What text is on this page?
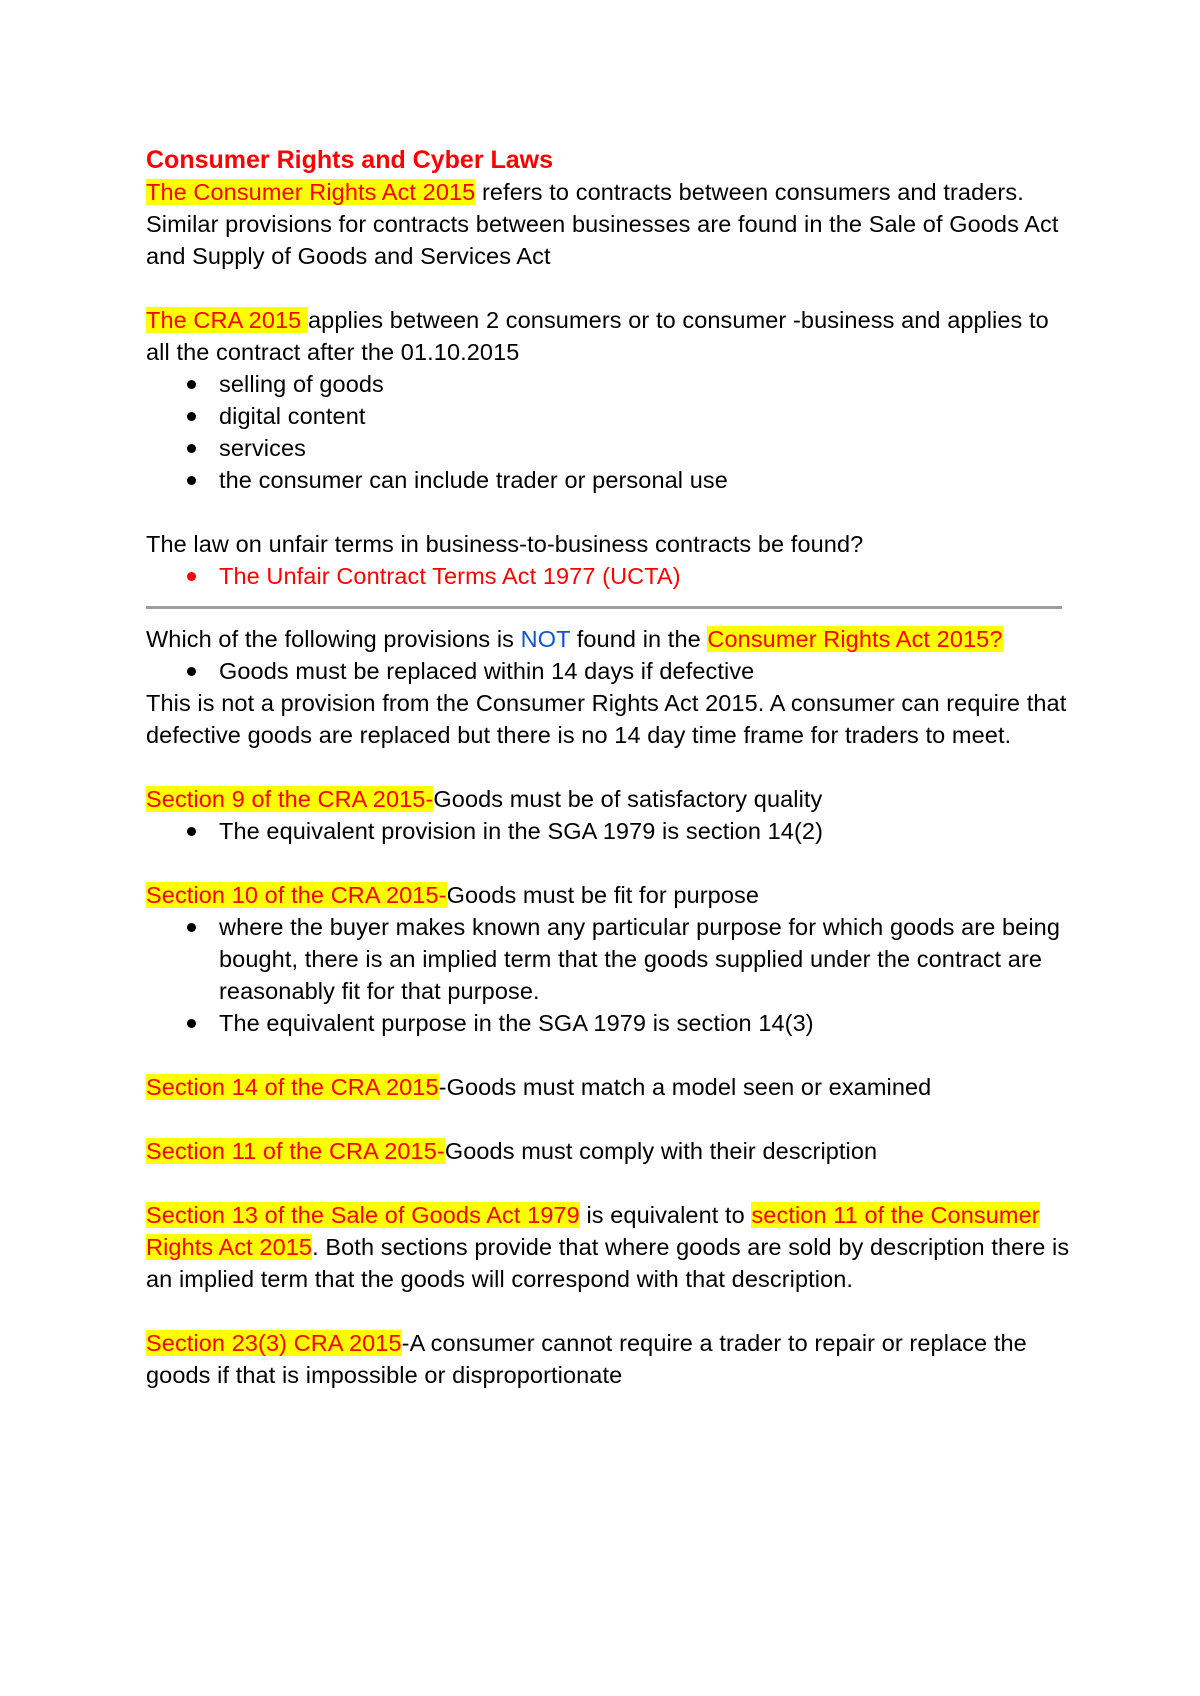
Consumer Rights and Cyber Laws

The Consumer Rights Act 2015 refers to contracts between consumers and traders.

Similar provisions for contracts between businesses are found in the Sale of Goods Act and Supply of Goods and Services Act

The CRA 2015 applies between 2 consumers or to consumer -business and applies to all the contract after the 01.10.2015

selling of goods
digital content
services
the consumer can include trader or personal use

The law on unfair terms in business-to-business contracts be found?

The Unfair Contract Terms Act 1977 (UCTA)

Which of the following provisions is NOT found in the Consumer Rights Act 2015?

Goods must be replaced within 14 days if defective

This is not a provision from the Consumer Rights Act 2015. A consumer can require that defective goods are replaced but there is no 14 day time frame for traders to meet.

Section 9 of the CRA 2015-Goods must be of satisfactory quality

The equivalent provision in the SGA 1979 is section 14(2)

Section 10 of the CRA 2015-Goods must be fit for purpose

where the buyer makes known any particular purpose for which goods are being bought, there is an implied term that the goods supplied under the contract are reasonably fit for that purpose.
The equivalent purpose in the SGA 1979 is section 14(3)

Section 14 of the CRA 2015-Goods must match a model seen or examined

Section 11 of the CRA 2015-Goods must comply with their description

Section 13 of the Sale of Goods Act 1979 is equivalent to section 11 of the Consumer Rights Act 2015. Both sections provide that where goods are sold by description there is an implied term that the goods will correspond with that description.

Section 23(3) CRA 2015-A consumer cannot require a trader to repair or replace the goods if that is impossible or disproportionate
